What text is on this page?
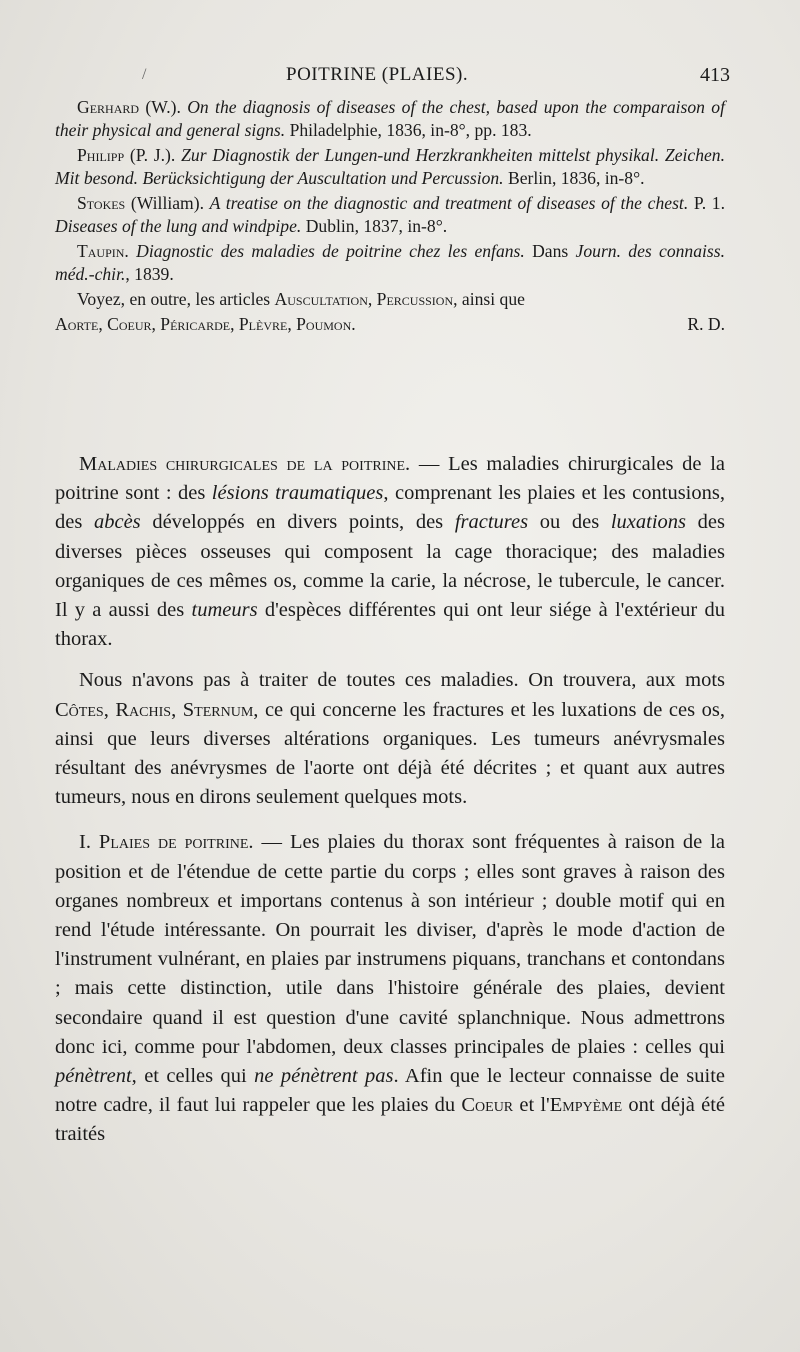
/	POITRINE (PLAIES).	413

Gerhard (W.). On the diagnosis of diseases of the chest, based upon the comparaison of their physical and general signs. Philadelphie, 1836, in-8°, pp. 183.

Philipp (P. J.). Zur Diagnostik der Lungen-und Herzkrankheiten mittelst physikal. Zeichen. Mit besond. Berücksichtigung der Auscultation und Percussion. Berlin, 1836, in-8°.

Stokes (William). A treatise on the diagnostic and treatment of diseases of the chest. P. 1. Diseases of the lung and windpipe. Dublin, 1837, in-8°.

Taupin. Diagnostic des maladies de poitrine chez les enfans. Dans Journ. des connaiss. méd.-chir., 1839.

Voyez, en outre, les articles Auscultation, Percussion, ainsi que

Aorte, Coeur, Péricarde, Plèvre, Poumon.	R. D.

Maladies chirurgicales de la poitrine. — Les maladies chirurgicales de la poitrine sont : des lésions traumatiques, comprenant les plaies et les contusions, des abcès développés en divers points, des fractures ou des luxations des diverses pièces osseuses qui composent la cage thoracique; des maladies organiques de ces mêmes os, comme la carie, la nécrose, le tubercule, le cancer. Il y a aussi des tumeurs d'espèces différentes qui ont leur siége à l'extérieur du thorax.

Nous n'avons pas à traiter de toutes ces maladies. On trouvera, aux mots Côtes, Rachis, Sternum, ce qui concerne les fractures et les luxations de ces os, ainsi que leurs diverses altérations organiques. Les tumeurs anévrysmales résultant des anévrysmes de l'aorte ont déjà été décrites ; et quant aux autres tumeurs, nous en dirons seulement quelques mots.

I. Plaies de poitrine. — Les plaies du thorax sont fréquentes à raison de la position et de l'étendue de cette partie du corps ; elles sont graves à raison des organes nombreux et importans contenus à son intérieur ; double motif qui en rend l'étude intéressante. On pourrait les diviser, d'après le mode d'action de l'instrument vulnérant, en plaies par instrumens piquans, tranchans et contondans ; mais cette distinction, utile dans l'histoire générale des plaies, devient secondaire quand il est question d'une cavité splanchnique. Nous admettrons donc ici, comme pour l'abdomen, deux classes principales de plaies : celles qui pénètrent, et celles qui ne pénètrent pas. Afin que le lecteur connaisse de suite notre cadre, il faut lui rappeler que les plaies du Coeur et l'Empyème ont déjà été traités
